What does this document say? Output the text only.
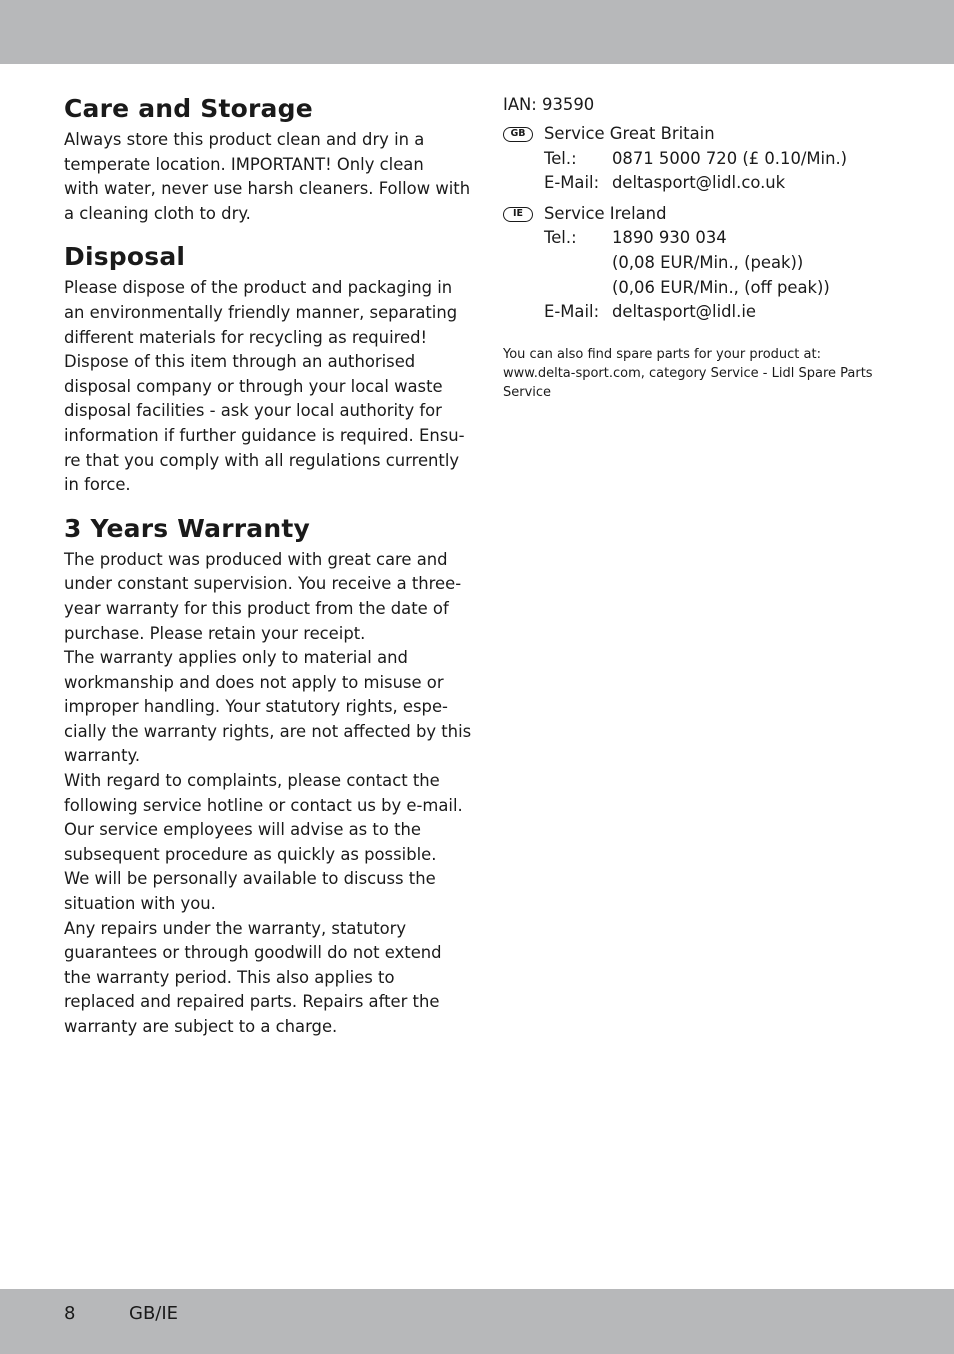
Care and Storage

Always store this product clean and dry in a
temperate location. IMPORTANT! Only clean
with water, never use harsh cleaners. Follow with
a cleaning cloth to dry.

Disposal

Please dispose of the product and packaging in
an environmentally friendly manner, separating
different materials for recycling as required!
Dispose of this item through an authorised
disposal company or through your local waste
disposal facilities - ask your local authority for
information if further guidance is required. Ensu-
re that you comply with all regulations currently
in force.

3 Years Warranty

The product was produced with great care and
under constant supervision. You receive a three-
year warranty for this product from the date of
purchase. Please retain your receipt.
The warranty applies only to material and
workmanship and does not apply to misuse or
improper handling. Your statutory rights, espe-
cially the warranty rights, are not affected by this
warranty.
With regard to complaints, please contact the
following service hotline or contact us by e-mail.
Our service employees will advise as to the
subsequent procedure as quickly as possible.
We will be personally available to discuss the
situation with you.
Any repairs under the warranty, statutory
guarantees or through goodwill do not extend
the warranty period. This also applies to
replaced and repaired parts. Repairs after the
warranty are subject to a charge.

IAN: 93590
GB	Service Great Britain
Tel.:	0871 5000 720 (£ 0.10/Min.)
E-Mail: deltasport@lidl.co.uk
IE	Service Ireland
Tel.:	1890 930 034
(0,08 EUR/Min., (peak))
(0,06 EUR/Min., (off peak))
E-Mail: deltasport@lidl.ie
You can also find spare parts for your product at:
www.delta-sport.com, category Service - Lidl Spare Parts
Service
8	GB/IE
